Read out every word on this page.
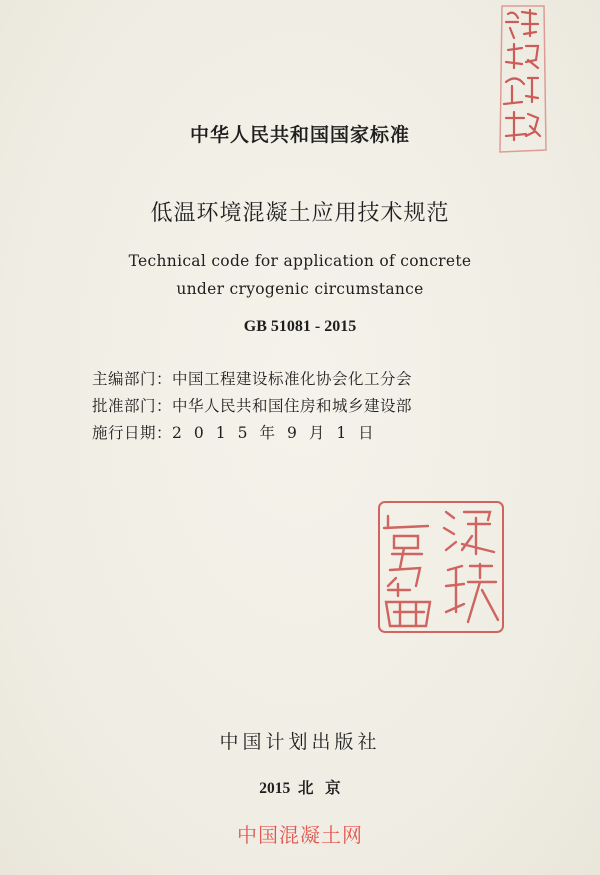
中华人民共和国国家标准
低温环境混凝土应用技术规范
Technical code for application of concrete
under cryogenic circumstance
GB 51081 - 2015
主编部门：中国工程建设标准化协会化工分会
批准部门：中华人民共和国住房和城乡建设部
施行日期：2015年9月1日
中国计划出版社
2015  北   京
中国混凝土网
